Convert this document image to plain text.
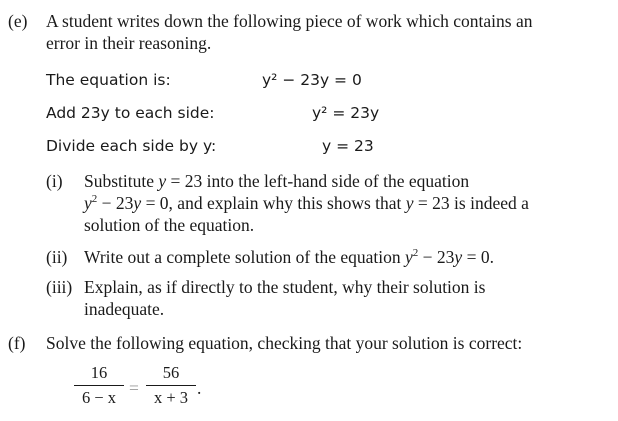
(e) A student writes down the following piece of work which contains an
error in their reasoning.
The equation is:	y² − 23y = 0
Add 23y to each side:	y² = 23y
Divide each side by y:	y = 23
(i) Substitute y = 23 into the left-hand side of the equation
$y^2 - 23y = 0$, and explain why this shows that y = 23 is indeed a
solution of the equation.
(ii) Write out a complete solution of the equation $y^2 - 23y = 0$.
(iii) Explain, as if directly to the student, why their solution is
inadequate.
(f) Solve the following equation, checking that your solution is correct:
16
6 − x =
56
x + 3 .
